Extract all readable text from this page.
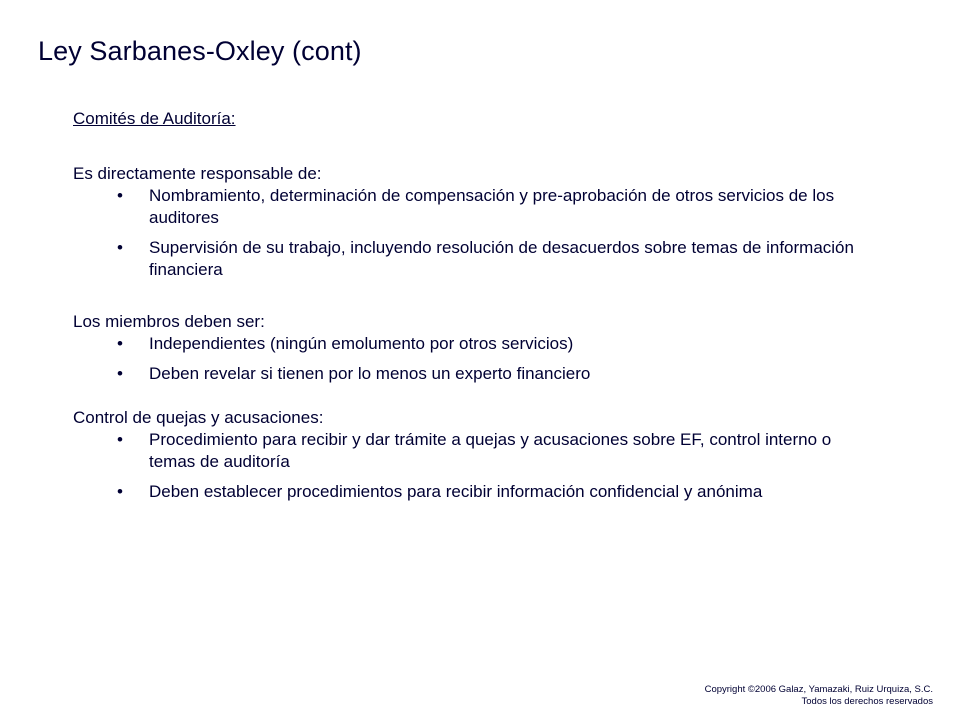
Ley Sarbanes-Oxley (cont)

Comités de Auditoría:

Es directamente responsable de:

• Nombramiento, determinación de compensación y pre-aprobación de otros servicios de los auditores
• Supervisión de su trabajo, incluyendo resolución de desacuerdos sobre temas de información financiera

Los miembros deben ser:

• Independientes (ningún emolumento por otros servicios)
• Deben revelar si tienen por lo menos un experto financiero

Control de quejas y acusaciones:

• Procedimiento para recibir y dar trámite a quejas y acusaciones sobre EF, control interno o temas de auditoría
• Deben establecer procedimientos para recibir información confidencial y anónima
Copyright ©2006 Galaz, Yamazaki, Ruiz Urquiza, S.C.
Todos los derechos reservados
